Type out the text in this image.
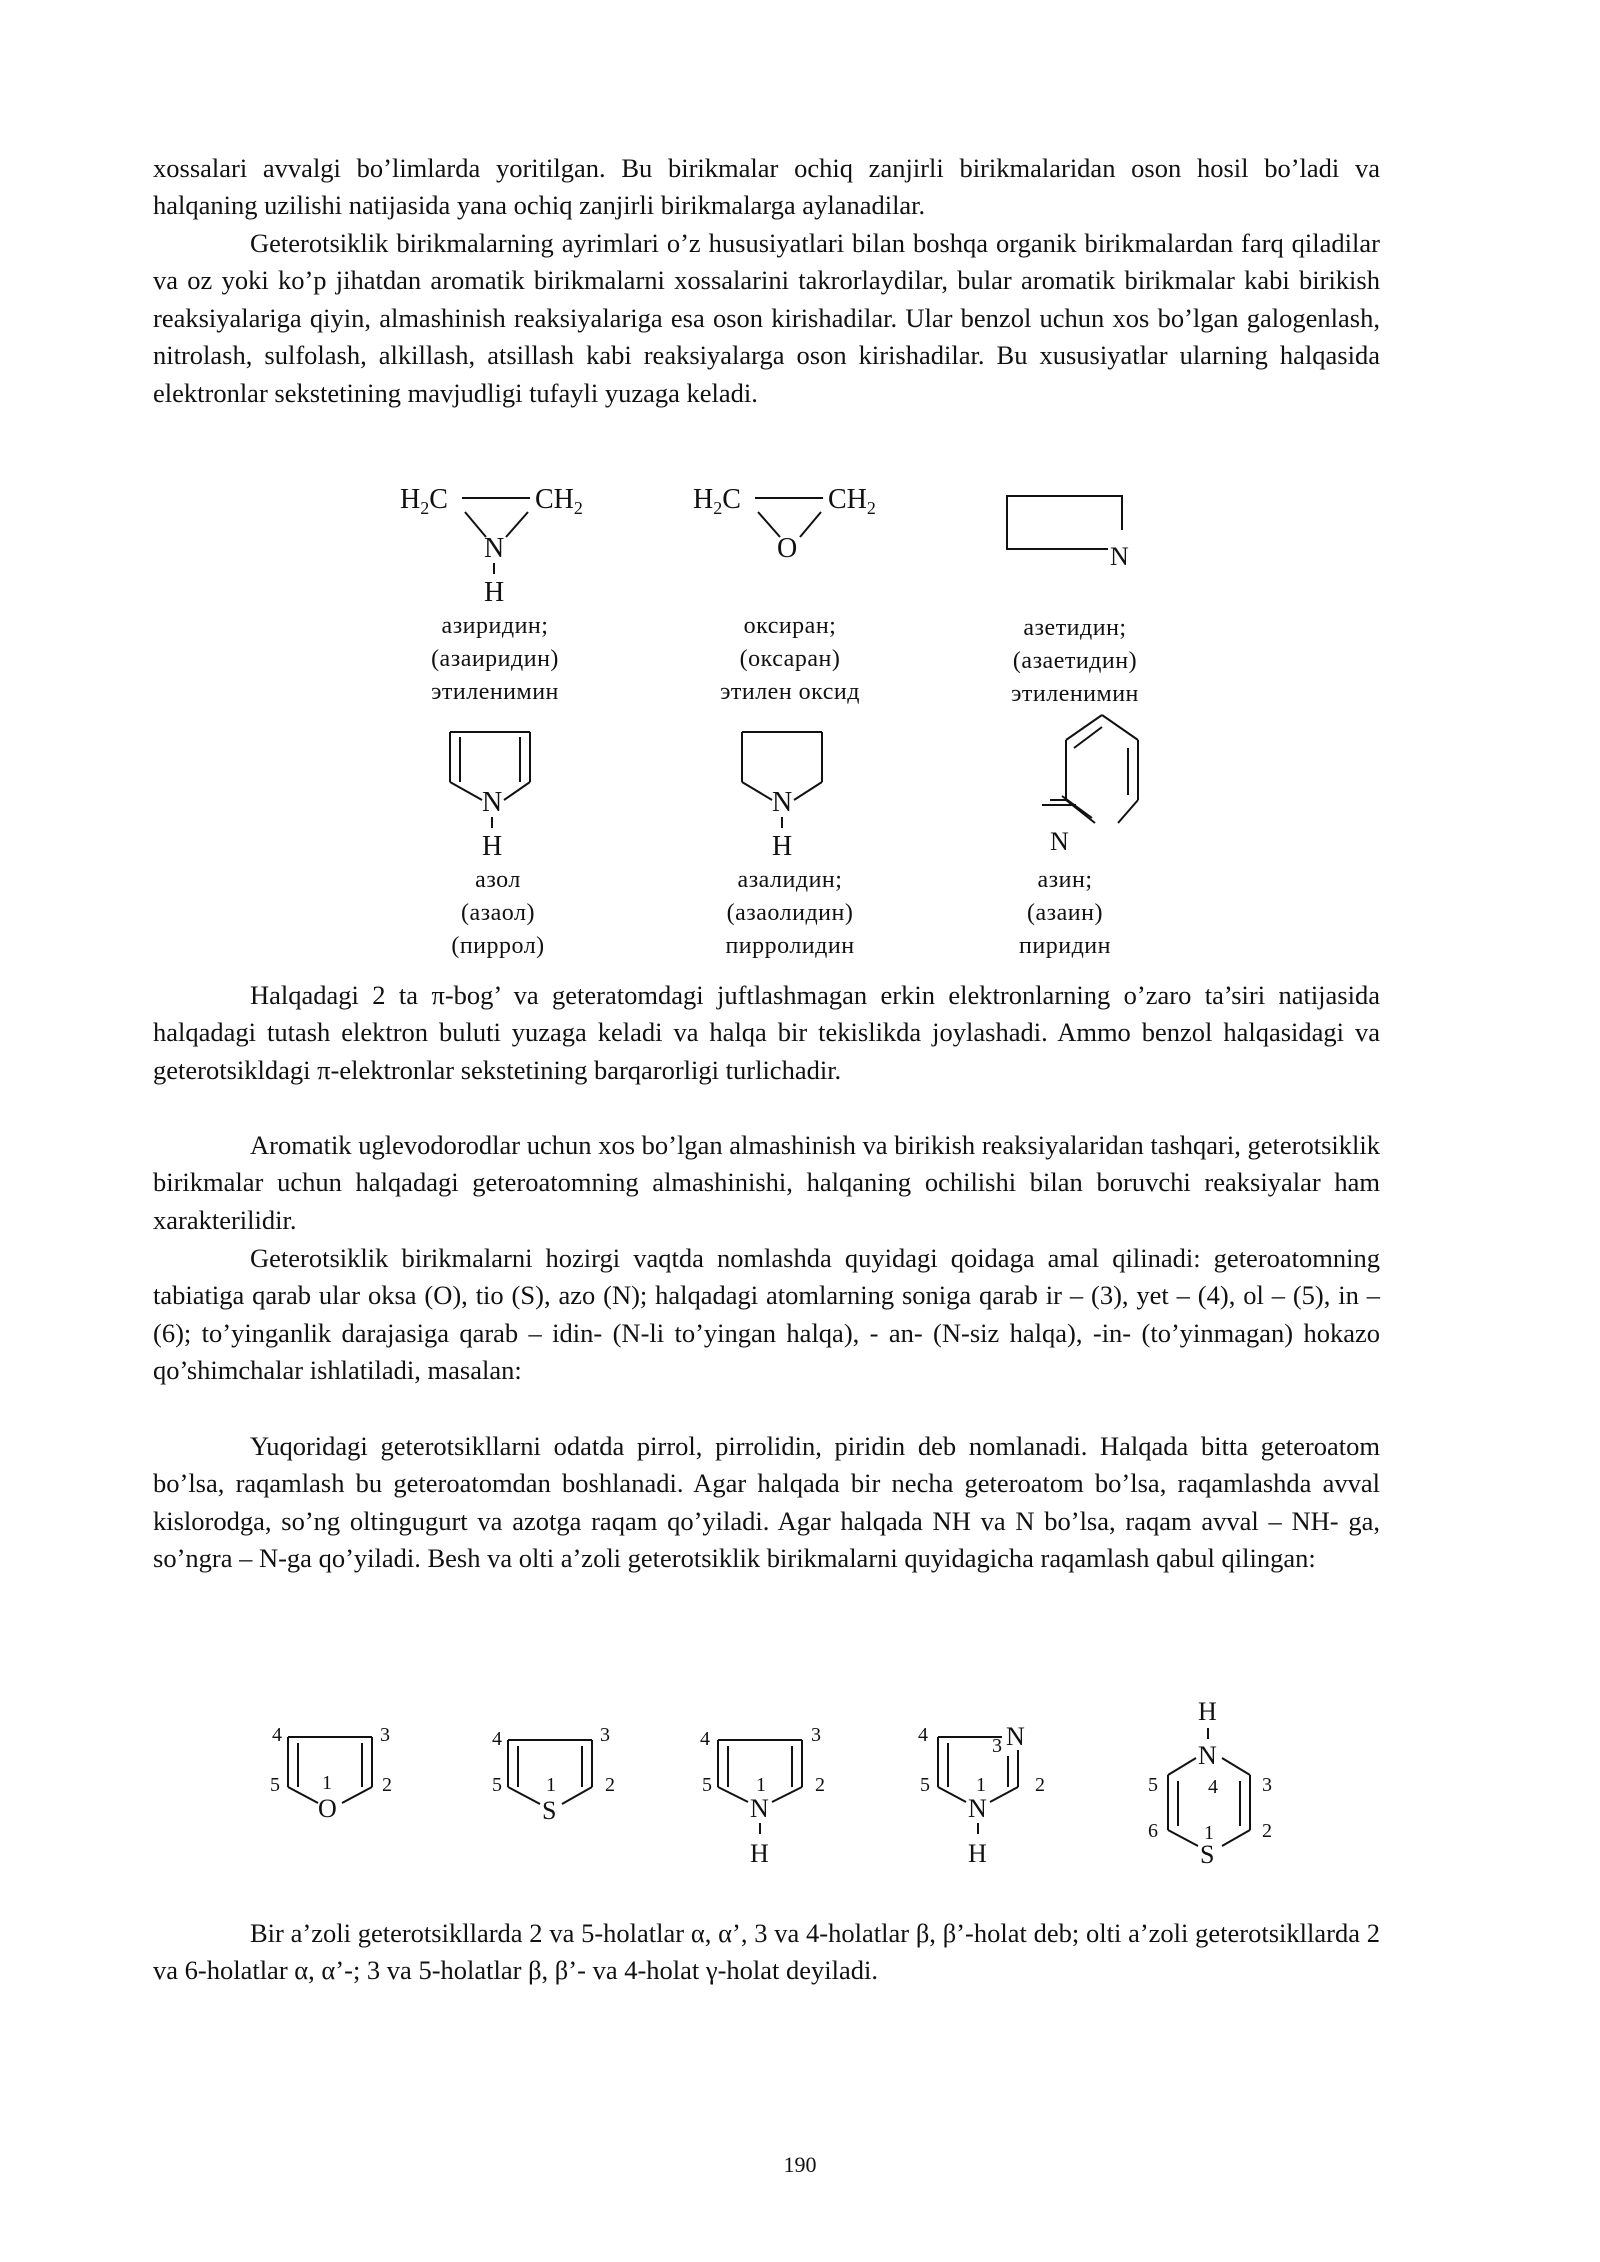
xossalari avvalgi bo’limlarda yoritilgan. Bu birikmalar ochiq zanjirli birikmalaridan oson hosil bo’ladi va halqaning uzilishi natijasida yana ochiq zanjirli birikmalarga aylanadilar.

Geterotsiklik birikmalarning ayrimlari o’z hususiyatlari bilan boshqa organik birikmalardan farq qiladilar va oz yoki ko’p jihatdan aromatik birikmalarni xossalarini takrorlaydilar, bular aromatik birikmalar kabi birikish reaksiyalariga qiyin, almashinish reaksiyalariga esa oson kirishadilar. Ular benzol uchun xos bo’lgan galogenlash, nitrolash, sulfolash, alkillash, atsillash kabi reaksiyalarga oson kirishadilar. Bu xususiyatlar ularning halqasida elektronlar sekstetining mavjudligi tufayli yuzaga keladi.

Halqadagi 2 ta π-bog’ va geteratomdagi juftlashmagan erkin elektronlarning o’zaro ta’siri natijasida halqadagi tutash elektron buluti yuzaga keladi va halqa bir tekislikda joylashadi. Ammo benzol halqasidagi va geterotsikldagi π-elektronlar sekstetining barqarorligi turlichadir.

Aromatik uglevodorodlar uchun xos bo’lgan almashinish va birikish reaksiyalaridan tashqari, geterotsiklik birikmalar uchun halqadagi geteroatomning almashinishi, halqaning ochilishi bilan boruvchi reaksiyalar ham xarakterilidir.

Geterotsiklik birikmalarni hozirgi vaqtda nomlashda quyidagi qoidaga amal qilinadi: geteroatomning tabiatiga qarab ular oksa (O), tio (S), azo (N); halqadagi atomlarning soniga qarab ir – (3), yet – (4), ol – (5), in – (6); to’yinganlik darajasiga qarab – idin- (N-li to’yingan halqa), - an- (N-siz halqa), -in- (to’yinmagan) hokazo qo’shimchalar ishlatiladi, masalan:

Yuqoridagi geterotsikllarni odatda pirrol, pirrolidin, piridin deb nomlanadi. Halqada bitta geteroatom bo’lsa, raqamlash bu geteroatomdan boshlanadi. Agar halqada bir necha geteroatom bo’lsa, raqamlashda avval kislorodga, so’ng oltingugurt va azotga raqam qo’yiladi. Agar halqada NH va N bo’lsa, raqam avval – NH- ga, so’ngra – N-ga qo’yiladi. Besh va olti a’zoli geterotsiklik birikmalarni quyidagicha raqamlash qabul qilingan:

Bir a’zoli geterotsikllarda 2 va 5-holatlar α, α’, 3 va 4-holatlar β, β’-holat deb; olti a’zoli geterotsikllarda 2 va 6-holatlar α, α’-; 3 va 5-holatlar β, β’- va 4-holat γ-holat deyiladi.

$H_2C$	$CH_2$
N
H
$H_2C$	$CH_2$
O	N
N
H
N
H	N
4	3
5	2
1
O
4	3
5	2
1
S
4	3
5	2
1
N
H
4	3 N
5	2
1
N
H
H
N
4
5	3
6	2
1
S
азиридин;
(азаиридин)
этиленимин
оксиран;
(оксаран)
этилен оксид
азетидин;
(азаетидин)
этиленимин
азол
(азаол)
(пиррол)
азалидин;
(азаолидин)
пирролидин
азин;
(азаин)
пиридин
190
